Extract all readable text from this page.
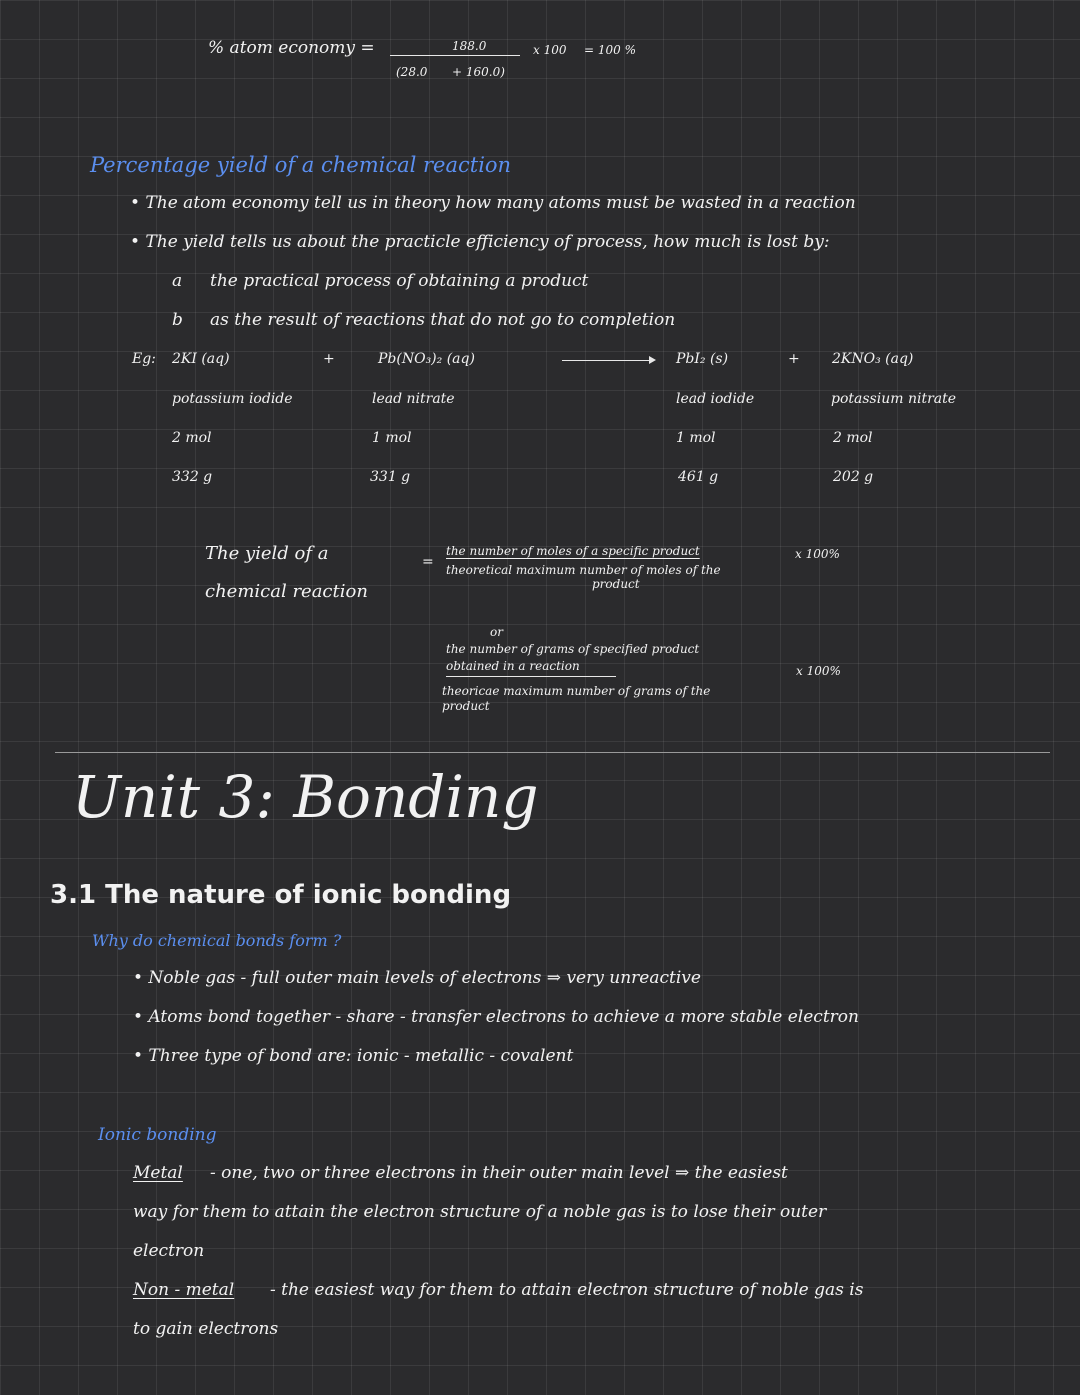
% atom economy =	188.0
(28.0 + 160.0)
x 100 = 100 %
Percentage yield of a chemical reaction
• The atom economy tell us in theory how many atoms must be wasted in a reaction
• The yield tells us about the practicle efficiency of process, how much is lost by:
a the practical process of obtaining a product
b as the result of reactions that do not go to completion
Eg: 2KI (aq)	+	Pb(NO₃)₂ (aq)	PbI₂ (s)	+ 2KNO₃ (aq)
potassium iodide	lead nitrate	lead iodide	potassium nitrate
2 mol	1 mol	1 mol	2 mol
332 g	331 g	461 g	202 g
The yield of a
chemical reaction
=
the number of moles of a specific product
theoretical maximum number of moles of the
product
x 100%
or
the number of grams of specified product
obtained in a reaction
theoricae maximum number of grams of the
product
x 100%
Unit 3: Bonding
3.1 The nature of ionic bonding
Why do chemical bonds form ?
• Noble gas - full outer main levels of electrons ⇒ very unreactive
• Atoms bond together - share - transfer electrons to achieve a more stable electron
• Three type of bond are: ionic - metallic - covalent
Ionic bonding
Metal - one, two or three electrons in their outer main level ⇒ the easiest
way for them to attain the electron structure of a noble gas is to lose their outer
electron
Non - metal - the easiest way for them to attain electron structure of noble gas is
to gain electrons
